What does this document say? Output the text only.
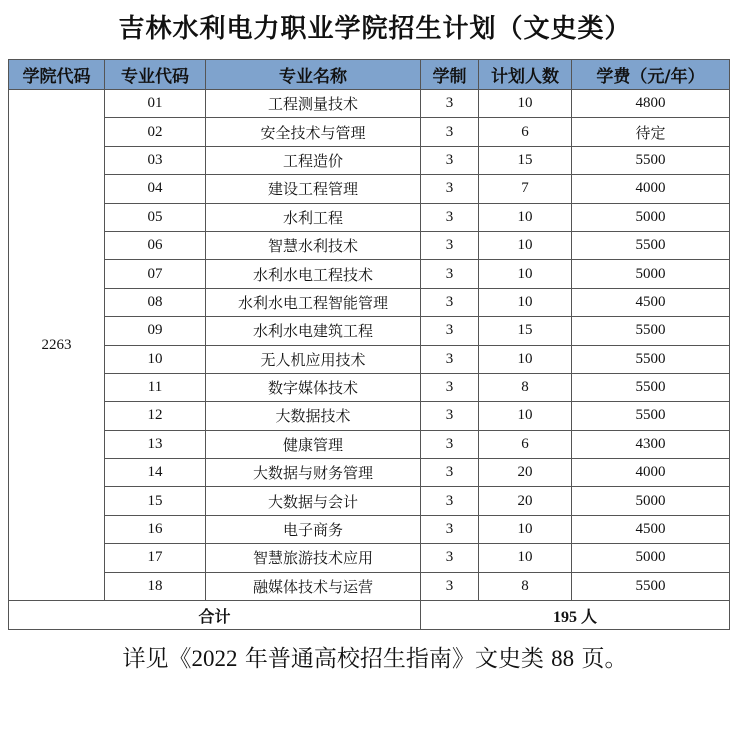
吉林水利电力职业学院招生计划（文史类）
学院代码	专业代码	专业名称	学制	计划人数	学费（元/年）
2263	01	工程测量技术	3	10	4800
	02	安全技术与管理	3	6	待定
	03	工程造价	3	15	5500
	04	建设工程管理	3	7	4000
	05	水利工程	3	10	5000
	06	智慧水利技术	3	10	5500
	07	水利水电工程技术	3	10	5000
	08	水利水电工程智能管理	3	10	4500
	09	水利水电建筑工程	3	15	5500
	10	无人机应用技术	3	10	5500
	11	数字媒体技术	3	8	5500
	12	大数据技术	3	10	5500
	13	健康管理	3	6	4300
	14	大数据与财务管理	3	20	4000
	15	大数据与会计	3	20	5000
	16	电子商务	3	10	4500
	17	智慧旅游技术应用	3	10	5000
	18	融媒体技术与运营	3	8	5500
合计			195 人		
详见《2022 年普通高校招生指南》文史类 88 页。
